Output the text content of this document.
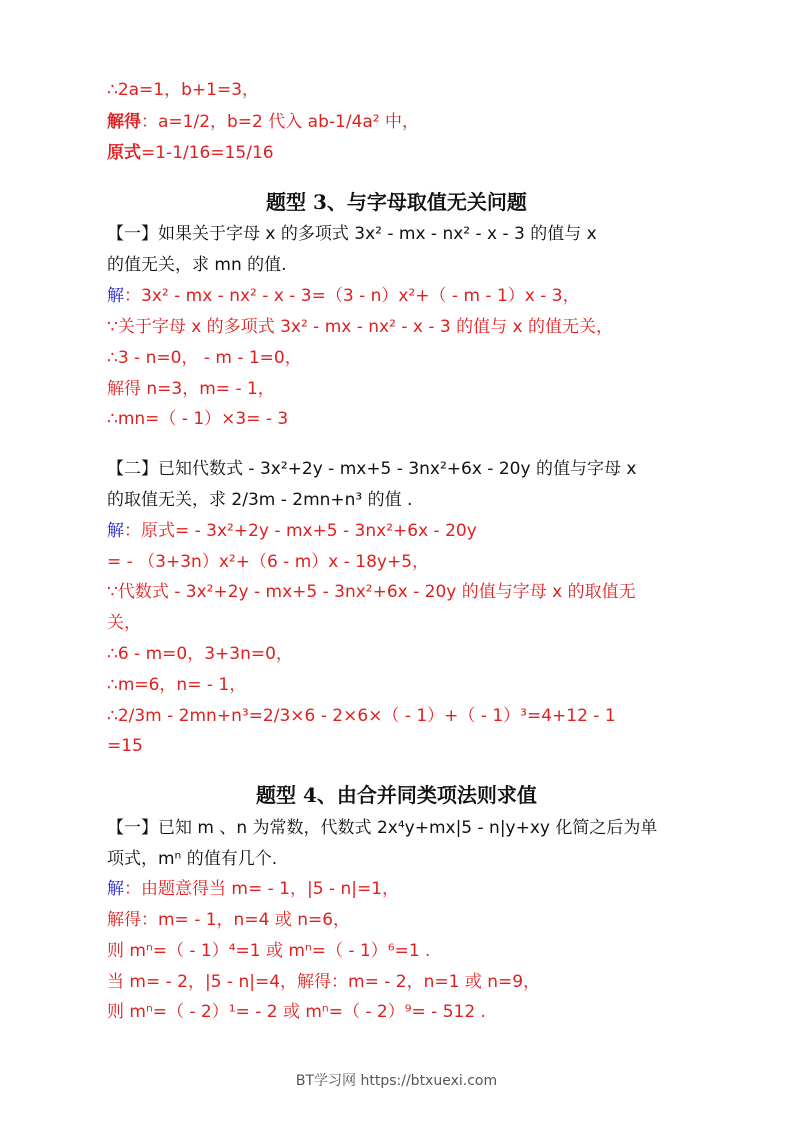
∴2a=1，b+1=3，
解得：a=1/2，b=2 代入 ab-1/4a² 中，
原式=1-1/16=15/16
题型 3、与字母取值无关问题
【一】如果关于字母 x 的多项式 3x² - mx - nx² - x - 3 的值与 x
的值无关，求 mn 的值.
解：3x² - mx - nx² - x - 3=（3 - n）x²+（ - m - 1）x - 3，
∵关于字母 x 的多项式 3x² - mx - nx² - x - 3 的值与 x 的值无关，
∴3 - n=0， - m - 1=0，
解得 n=3，m= - 1，
∴mn=（ - 1）×3= - 3
【二】已知代数式 - 3x²+2y - mx+5 - 3nx²+6x - 20y 的值与字母 x
的取值无关，求 2/3m - 2mn+n³ 的值 .
解：原式= - 3x²+2y - mx+5 - 3nx²+6x - 20y
= - （3+3n）x²+（6 - m）x - 18y+5，
∵代数式 - 3x²+2y - mx+5 - 3nx²+6x - 20y 的值与字母 x 的取值无
关，
∴6 - m=0，3+3n=0，
∴m=6，n= - 1，
∴2/3m - 2mn+n³=2/3×6 - 2×6×（ - 1）+（ - 1）³=4+12 - 1
=15
题型 4、由合并同类项法则求值
【一】已知 m 、n 为常数，代数式 2x⁴y+mx|5 - n|y+xy 化简之后为单
项式，mⁿ 的值有几个.
解：由题意得当 m= - 1，|5 - n|=1，
解得：m= - 1，n=4 或 n=6，
则 mⁿ=（ - 1）⁴=1 或 mⁿ=（ - 1）⁶=1 .
当 m= - 2，|5 - n|=4，解得：m= - 2，n=1 或 n=9，
则 mⁿ=（ - 2）¹= - 2 或 mⁿ=（ - 2）⁹= - 512 .
BT学习网 https://btxuexi.com
